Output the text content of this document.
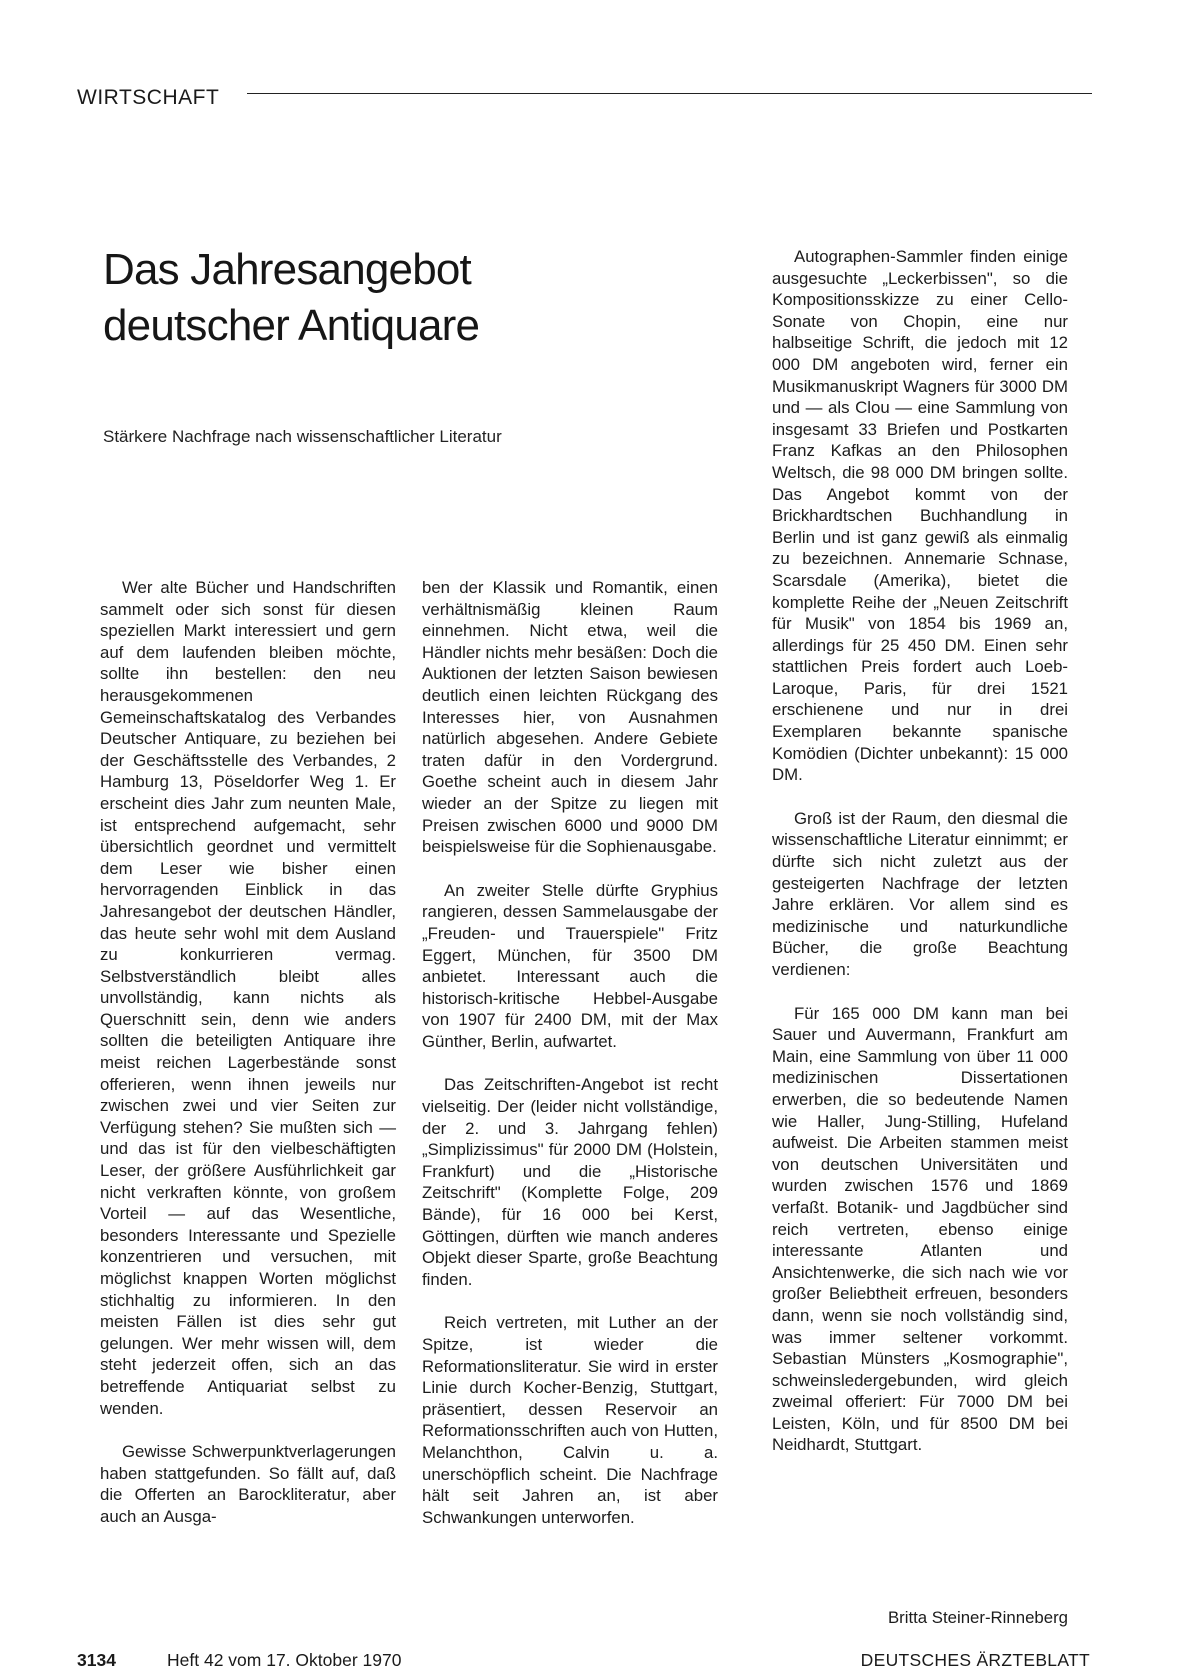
WIRTSCHAFT
Das Jahresangebot
deutscher Antiquare

Stärkere Nachfrage nach wissenschaftlicher Literatur

Wer alte Bücher und Handschriften sammelt oder sich sonst für diesen speziellen Markt interessiert und gern auf dem laufenden bleiben möchte, sollte ihn bestellen: den neu herausgekommenen Gemeinschaftskatalog des Verbandes Deutscher Antiquare, zu beziehen bei der Geschäftsstelle des Verbandes, 2 Hamburg 13, Pöseldorfer Weg 1. Er erscheint dies Jahr zum neunten Male, ist entsprechend aufgemacht, sehr übersichtlich geordnet und vermittelt dem Leser wie bisher einen hervorragenden Einblick in das Jahresangebot der deutschen Händler, das heute sehr wohl mit dem Ausland zu konkurrieren vermag. Selbstverständlich bleibt alles unvollständig, kann nichts als Querschnitt sein, denn wie anders sollten die beteiligten Antiquare ihre meist reichen Lagerbestände sonst offerieren, wenn ihnen jeweils nur zwischen zwei und vier Seiten zur Verfügung stehen? Sie mußten sich — und das ist für den vielbeschäftigten Leser, der größere Ausführlichkeit gar nicht verkraften könnte, von großem Vorteil — auf das Wesentliche, besonders Interessante und Spezielle konzentrieren und versuchen, mit möglichst knappen Worten möglichst stichhaltig zu informieren. In den meisten Fällen ist dies sehr gut gelungen. Wer mehr wissen will, dem steht jederzeit offen, sich an das betreffende Antiquariat selbst zu wenden.

Gewisse Schwerpunktverlagerungen haben stattgefunden. So fällt auf, daß die Offerten an Barockliteratur, aber auch an Ausga-

ben der Klassik und Romantik, einen verhältnismäßig kleinen Raum einnehmen. Nicht etwa, weil die Händler nichts mehr besäßen: Doch die Auktionen der letzten Saison bewiesen deutlich einen leichten Rückgang des Interesses hier, von Ausnahmen natürlich abgesehen. Andere Gebiete traten dafür in den Vordergrund. Goethe scheint auch in diesem Jahr wieder an der Spitze zu liegen mit Preisen zwischen 6000 und 9000 DM beispielsweise für die Sophienausgabe.

An zweiter Stelle dürfte Gryphius rangieren, dessen Sammelausgabe der „Freuden- und Trauerspiele" Fritz Eggert, München, für 3500 DM anbietet. Interessant auch die historisch-kritische Hebbel-Ausgabe von 1907 für 2400 DM, mit der Max Günther, Berlin, aufwartet.

Das Zeitschriften-Angebot ist recht vielseitig. Der (leider nicht vollständige, der 2. und 3. Jahrgang fehlen) „Simplizissimus" für 2000 DM (Holstein, Frankfurt) und die „Historische Zeitschrift" (Komplette Folge, 209 Bände), für 16 000 bei Kerst, Göttingen, dürften wie manch anderes Objekt dieser Sparte, große Beachtung finden.

Reich vertreten, mit Luther an der Spitze, ist wieder die Reformationsliteratur. Sie wird in erster Linie durch Kocher-Benzig, Stuttgart, präsentiert, dessen Reservoir an Reformationsschriften auch von Hutten, Melanchthon, Calvin u. a. unerschöpflich scheint. Die Nachfrage hält seit Jahren an, ist aber Schwankungen unterworfen.

Autographen-Sammler finden einige ausgesuchte „Leckerbissen", so die Kompositionsskizze zu einer Cello-Sonate von Chopin, eine nur halbseitige Schrift, die jedoch mit 12 000 DM angeboten wird, ferner ein Musikmanuskript Wagners für 3000 DM und — als Clou — eine Sammlung von insgesamt 33 Briefen und Postkarten Franz Kafkas an den Philosophen Weltsch, die 98 000 DM bringen sollte. Das Angebot kommt von der Brickhardtschen Buchhandlung in Berlin und ist ganz gewiß als einmalig zu bezeichnen. Annemarie Schnase, Scarsdale (Amerika), bietet die komplette Reihe der „Neuen Zeitschrift für Musik" von 1854 bis 1969 an, allerdings für 25 450 DM. Einen sehr stattlichen Preis fordert auch Loeb-Laroque, Paris, für drei 1521 erschienene und nur in drei Exemplaren bekannte spanische Komödien (Dichter unbekannt): 15 000 DM.

Groß ist der Raum, den diesmal die wissenschaftliche Literatur einnimmt; er dürfte sich nicht zuletzt aus der gesteigerten Nachfrage der letzten Jahre erklären. Vor allem sind es medizinische und naturkundliche Bücher, die große Beachtung verdienen:

Für 165 000 DM kann man bei Sauer und Auvermann, Frankfurt am Main, eine Sammlung von über 11 000 medizinischen Dissertationen erwerben, die so bedeutende Namen wie Haller, Jung-Stilling, Hufeland aufweist. Die Arbeiten stammen meist von deutschen Universitäten und wurden zwischen 1576 und 1869 verfaßt. Botanik- und Jagdbücher sind reich vertreten, ebenso einige interessante Atlanten und Ansichtenwerke, die sich nach wie vor großer Beliebtheit erfreuen, besonders dann, wenn sie noch vollständig sind, was immer seltener vorkommt. Sebastian Münsters „Kosmographie", schweinsledergebunden, wird gleich zweimal offeriert: Für 7000 DM bei Leisten, Köln, und für 8500 DM bei Neidhardt, Stuttgart.

Britta Steiner-Rinneberg
3134	Heft 42 vom 17. Oktober 1970	DEUTSCHES ÄRZTEBLATT
